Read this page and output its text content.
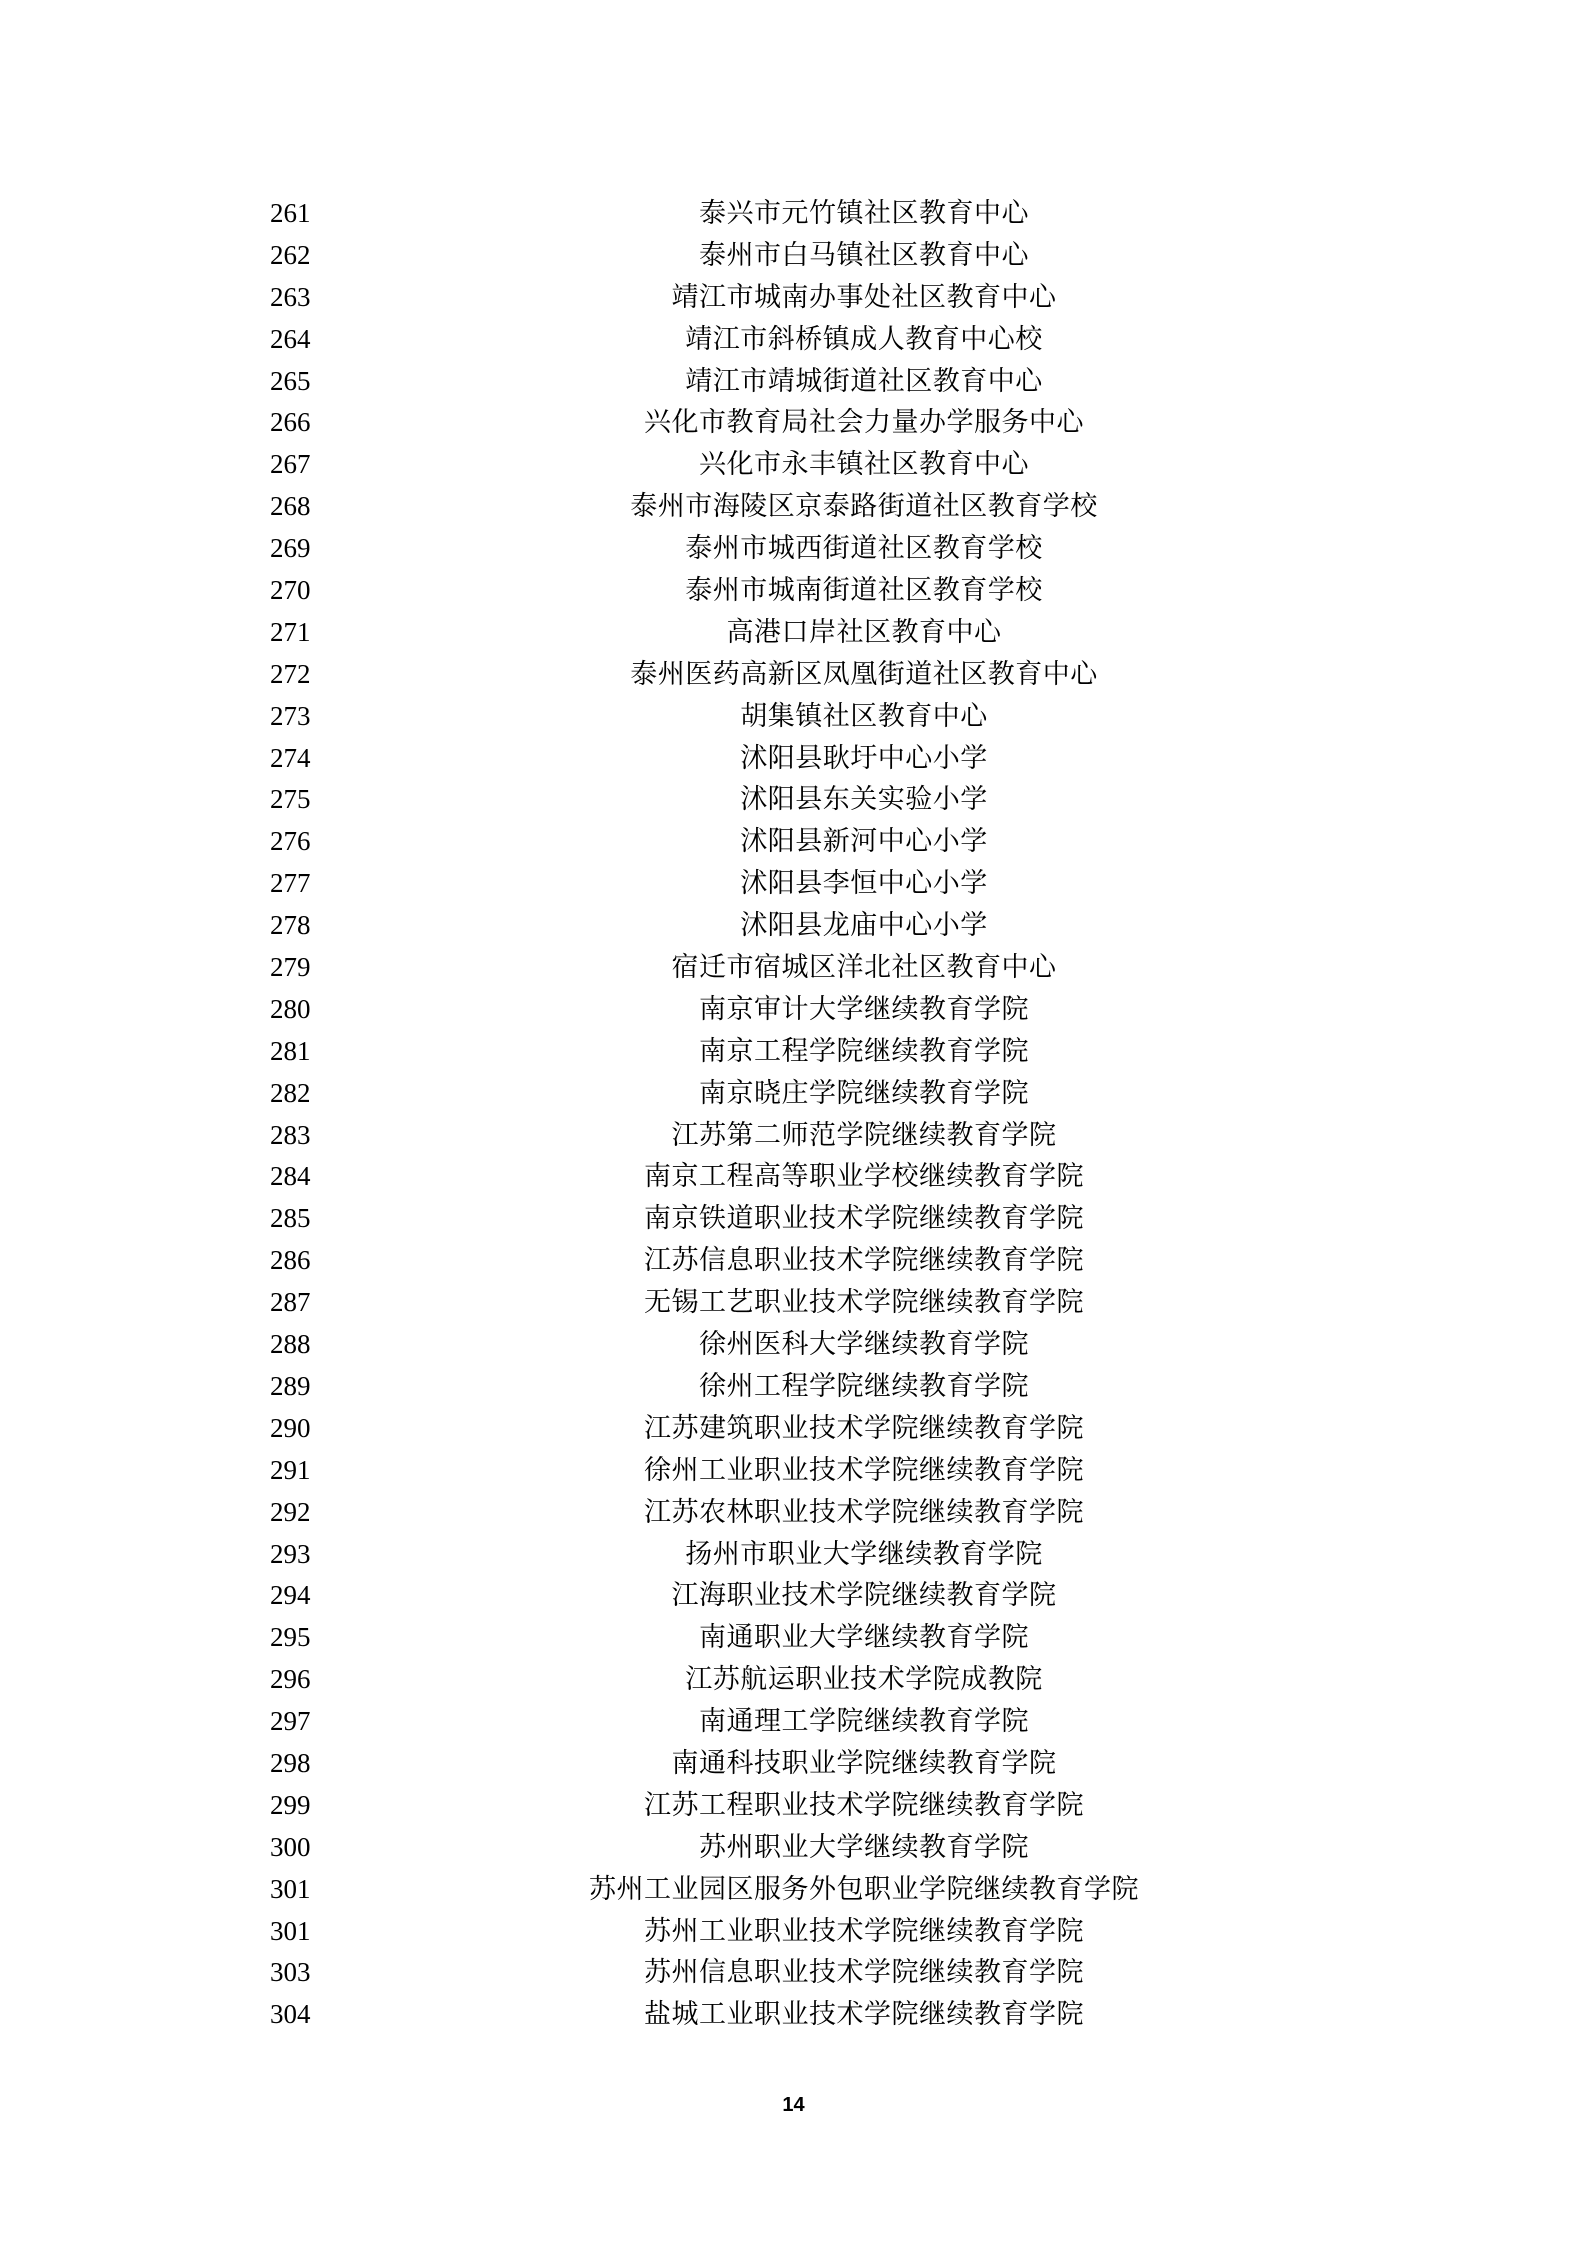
261	泰兴市元竹镇社区教育中心
262	泰州市白马镇社区教育中心
263	靖江市城南办事处社区教育中心
264	靖江市斜桥镇成人教育中心校
265	靖江市靖城街道社区教育中心
266	兴化市教育局社会力量办学服务中心
267	兴化市永丰镇社区教育中心
268	泰州市海陵区京泰路街道社区教育学校
269	泰州市城西街道社区教育学校
270	泰州市城南街道社区教育学校
271	高港口岸社区教育中心
272	泰州医药高新区凤凰街道社区教育中心
273	胡集镇社区教育中心
274	沭阳县耿圩中心小学
275	沭阳县东关实验小学
276	沭阳县新河中心小学
277	沭阳县李恒中心小学
278	沭阳县龙庙中心小学
279	宿迁市宿城区洋北社区教育中心
280	南京审计大学继续教育学院
281	南京工程学院继续教育学院
282	南京晓庄学院继续教育学院
283	江苏第二师范学院继续教育学院
284	南京工程高等职业学校继续教育学院
285	南京铁道职业技术学院继续教育学院
286	江苏信息职业技术学院继续教育学院
287	无锡工艺职业技术学院继续教育学院
288	徐州医科大学继续教育学院
289	徐州工程学院继续教育学院
290	江苏建筑职业技术学院继续教育学院
291	徐州工业职业技术学院继续教育学院
292	江苏农林职业技术学院继续教育学院
293	扬州市职业大学继续教育学院
294	江海职业技术学院继续教育学院
295	南通职业大学继续教育学院
296	江苏航运职业技术学院成教院
297	南通理工学院继续教育学院
298	南通科技职业学院继续教育学院
299	江苏工程职业技术学院继续教育学院
300	苏州职业大学继续教育学院
301	苏州工业园区服务外包职业学院继续教育学院
301	苏州工业职业技术学院继续教育学院
303	苏州信息职业技术学院继续教育学院
304	盐城工业职业技术学院继续教育学院
14
